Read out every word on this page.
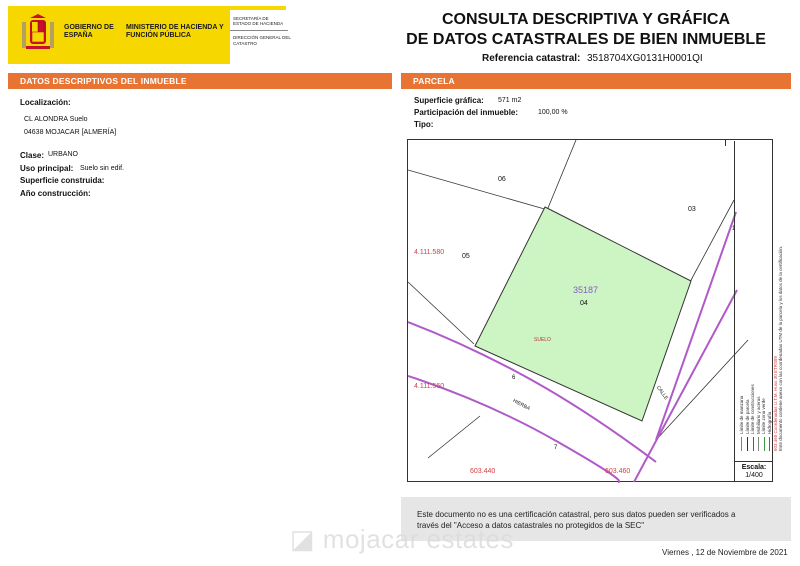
GOBIERNO DE ESPAÑA
MINISTERIO DE HACIENDA Y FUNCIÓN PÚBLICA
SECRETARÍA DE ESTADO DE HACIENDA
DIRECCIÓN GENERAL DEL CATASTRO
CONSULTA DESCRIPTIVA Y GRÁFICA
DE DATOS CATASTRALES DE BIEN INMUEBLE
Referencia catastral: 3518704XG0131H0001QI
DATOS DESCRIPTIVOS DEL INMUEBLE	PARCELA
Localización:
CL ALONDRA Suelo
04638 MOJACAR [ALMERÍA]
Clase: URBANO
Uso principal: Suelo sin edif.
Superficie construida:
Año construcción:
Superficie gráfica: 571 m2
Participación del inmueble:	100,00 %
Tipo:
06
05
03
35187
04
SUELO
6
7
1
HIERBA
CALLE
4.111.580
4.111.560
603.440	603.460
Límite de manzana Límite de parcela Límite de construcciones Mobiliario y aceras Límite zona verde Hidrografía 603.460 Coordenadas U.T.M. Huso 30 ETRS89 Este documento contiene anexo con las coordenadas UTM de la parcela y los datos de la certificación.
Escala:
1/400
Este documento no es una certificación catastral, pero sus datos pueden ser verificados a
través del "Acceso a datos catastrales no protegidos de la SEC"
◪ mojacar estates	Viernes , 12 de Noviembre de 2021
